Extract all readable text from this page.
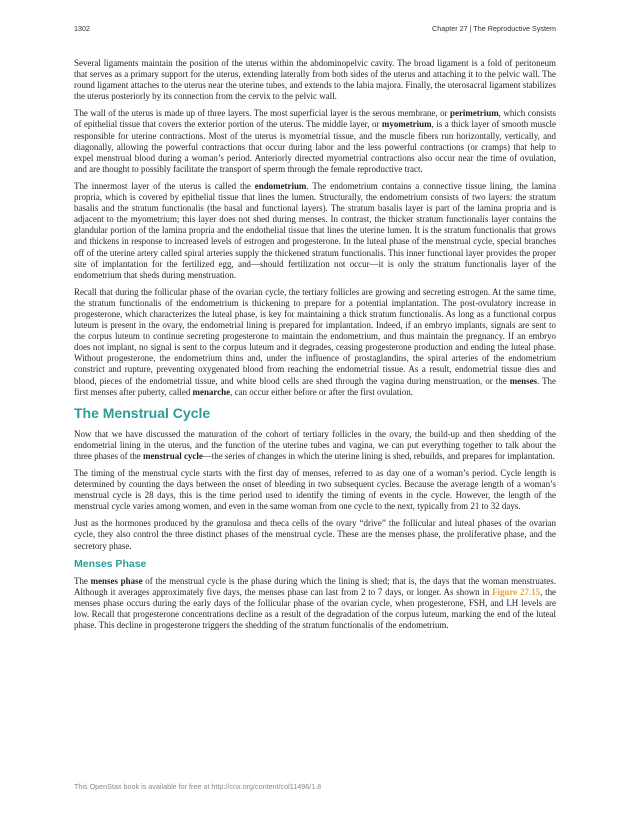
1302	Chapter 27 | The Reproductive System

Several ligaments maintain the position of the uterus within the abdominopelvic cavity. The broad ligament is a fold of peritoneum that serves as a primary support for the uterus, extending laterally from both sides of the uterus and attaching it to the pelvic wall. The round ligament attaches to the uterus near the uterine tubes, and extends to the labia majora. Finally, the uterosacral ligament stabilizes the uterus posteriorly by its connection from the cervix to the pelvic wall.

The wall of the uterus is made up of three layers. The most superficial layer is the serous membrane, or perimetrium, which consists of epithelial tissue that covers the exterior portion of the uterus. The middle layer, or myometrium, is a thick layer of smooth muscle responsible for uterine contractions. Most of the uterus is myometrial tissue, and the muscle fibers run horizontally, vertically, and diagonally, allowing the powerful contractions that occur during labor and the less powerful contractions (or cramps) that help to expel menstrual blood during a woman’s period. Anteriorly directed myometrial contractions also occur near the time of ovulation, and are thought to possibly facilitate the transport of sperm through the female reproductive tract.

The innermost layer of the uterus is called the endometrium. The endometrium contains a connective tissue lining, the lamina propria, which is covered by epithelial tissue that lines the lumen. Structurally, the endometrium consists of two layers: the stratum basalis and the stratum functionalis (the basal and functional layers). The stratum basalis layer is part of the lamina propria and is adjacent to the myometrium; this layer does not shed during menses. In contrast, the thicker stratum functionalis layer contains the glandular portion of the lamina propria and the endothelial tissue that lines the uterine lumen. It is the stratum functionalis that grows and thickens in response to increased levels of estrogen and progesterone. In the luteal phase of the menstrual cycle, special branches off of the uterine artery called spiral arteries supply the thickened stratum functionalis. This inner functional layer provides the proper site of implantation for the fertilized egg, and—should fertilization not occur—it is only the stratum functionalis layer of the endometrium that sheds during menstruation.

Recall that during the follicular phase of the ovarian cycle, the tertiary follicles are growing and secreting estrogen. At the same time, the stratum functionalis of the endometrium is thickening to prepare for a potential implantation. The post-ovulatory increase in progesterone, which characterizes the luteal phase, is key for maintaining a thick stratum functionalis. As long as a functional corpus luteum is present in the ovary, the endometrial lining is prepared for implantation. Indeed, if an embryo implants, signals are sent to the corpus luteum to continue secreting progesterone to maintain the endometrium, and thus maintain the pregnancy. If an embryo does not implant, no signal is sent to the corpus luteum and it degrades, ceasing progesterone production and ending the luteal phase. Without progesterone, the endometrium thins and, under the influence of prostaglandins, the spiral arteries of the endometrium constrict and rupture, preventing oxygenated blood from reaching the endometrial tissue. As a result, endometrial tissue dies and blood, pieces of the endometrial tissue, and white blood cells are shed through the vagina during menstruation, or the menses. The first menses after puberty, called menarche, can occur either before or after the first ovulation.

The Menstrual Cycle

Now that we have discussed the maturation of the cohort of tertiary follicles in the ovary, the build-up and then shedding of the endometrial lining in the uterus, and the function of the uterine tubes and vagina, we can put everything together to talk about the three phases of the menstrual cycle—the series of changes in which the uterine lining is shed, rebuilds, and prepares for implantation.

The timing of the menstrual cycle starts with the first day of menses, referred to as day one of a woman’s period. Cycle length is determined by counting the days between the onset of bleeding in two subsequent cycles. Because the average length of a woman’s menstrual cycle is 28 days, this is the time period used to identify the timing of events in the cycle. However, the length of the menstrual cycle varies among women, and even in the same woman from one cycle to the next, typically from 21 to 32 days.

Just as the hormones produced by the granulosa and theca cells of the ovary “drive” the follicular and luteal phases of the ovarian cycle, they also control the three distinct phases of the menstrual cycle. These are the menses phase, the proliferative phase, and the secretory phase.

Menses Phase

The menses phase of the menstrual cycle is the phase during which the lining is shed; that is, the days that the woman menstruates. Although it averages approximately five days, the menses phase can last from 2 to 7 days, or longer. As shown in Figure 27.15, the menses phase occurs during the early days of the follicular phase of the ovarian cycle, when progesterone, FSH, and LH levels are low. Recall that progesterone concentrations decline as a result of the degradation of the corpus luteum, marking the end of the luteal phase. This decline in progesterone triggers the shedding of the stratum functionalis of the endometrium.

This OpenStax book is available for free at http://cnx.org/content/col11496/1.8
